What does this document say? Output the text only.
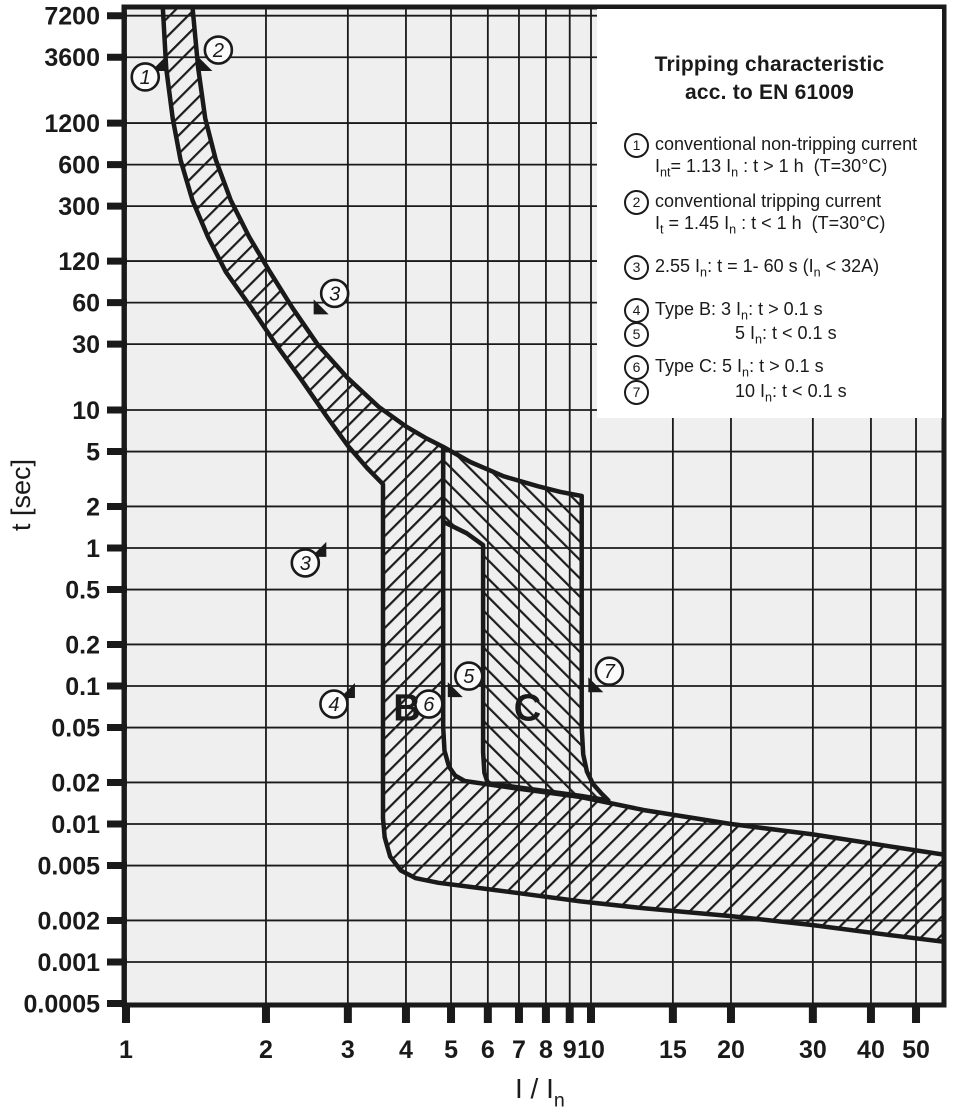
7200
3600
1200
600
300
120
60
30
10
5
2
1
0.5
0.2
0.1
0.05
0.02
0.01
0.005
0.002
0.001
0.0005
1	2	3 4 5 6 7 8 9 10 15 20 30 40 50
1
2
3
3
4
5
6
7
B C
t [sec]
I / $I_n$
Tripping characteristic
acc. to EN 61009
1 conventional non-tripping current
$I_{nt}= 1.13$ $I_n$ : t > 1 h  (T=30°C)
2 conventional tripping current
$I_t = 1.45$ $I_n$ : t < 1 h  (T=30°C)
3 2.55 $I_n$: t = 1- 60 s $(I_n < 32A)$
4 Type B: 3 $I_n$: t > 0.1 s
5	5 $I_n$: t < 0.1 s
6 Type C: 5 $I_n$: t > 0.1 s
7	10 $I_n$: t < 0.1 s
